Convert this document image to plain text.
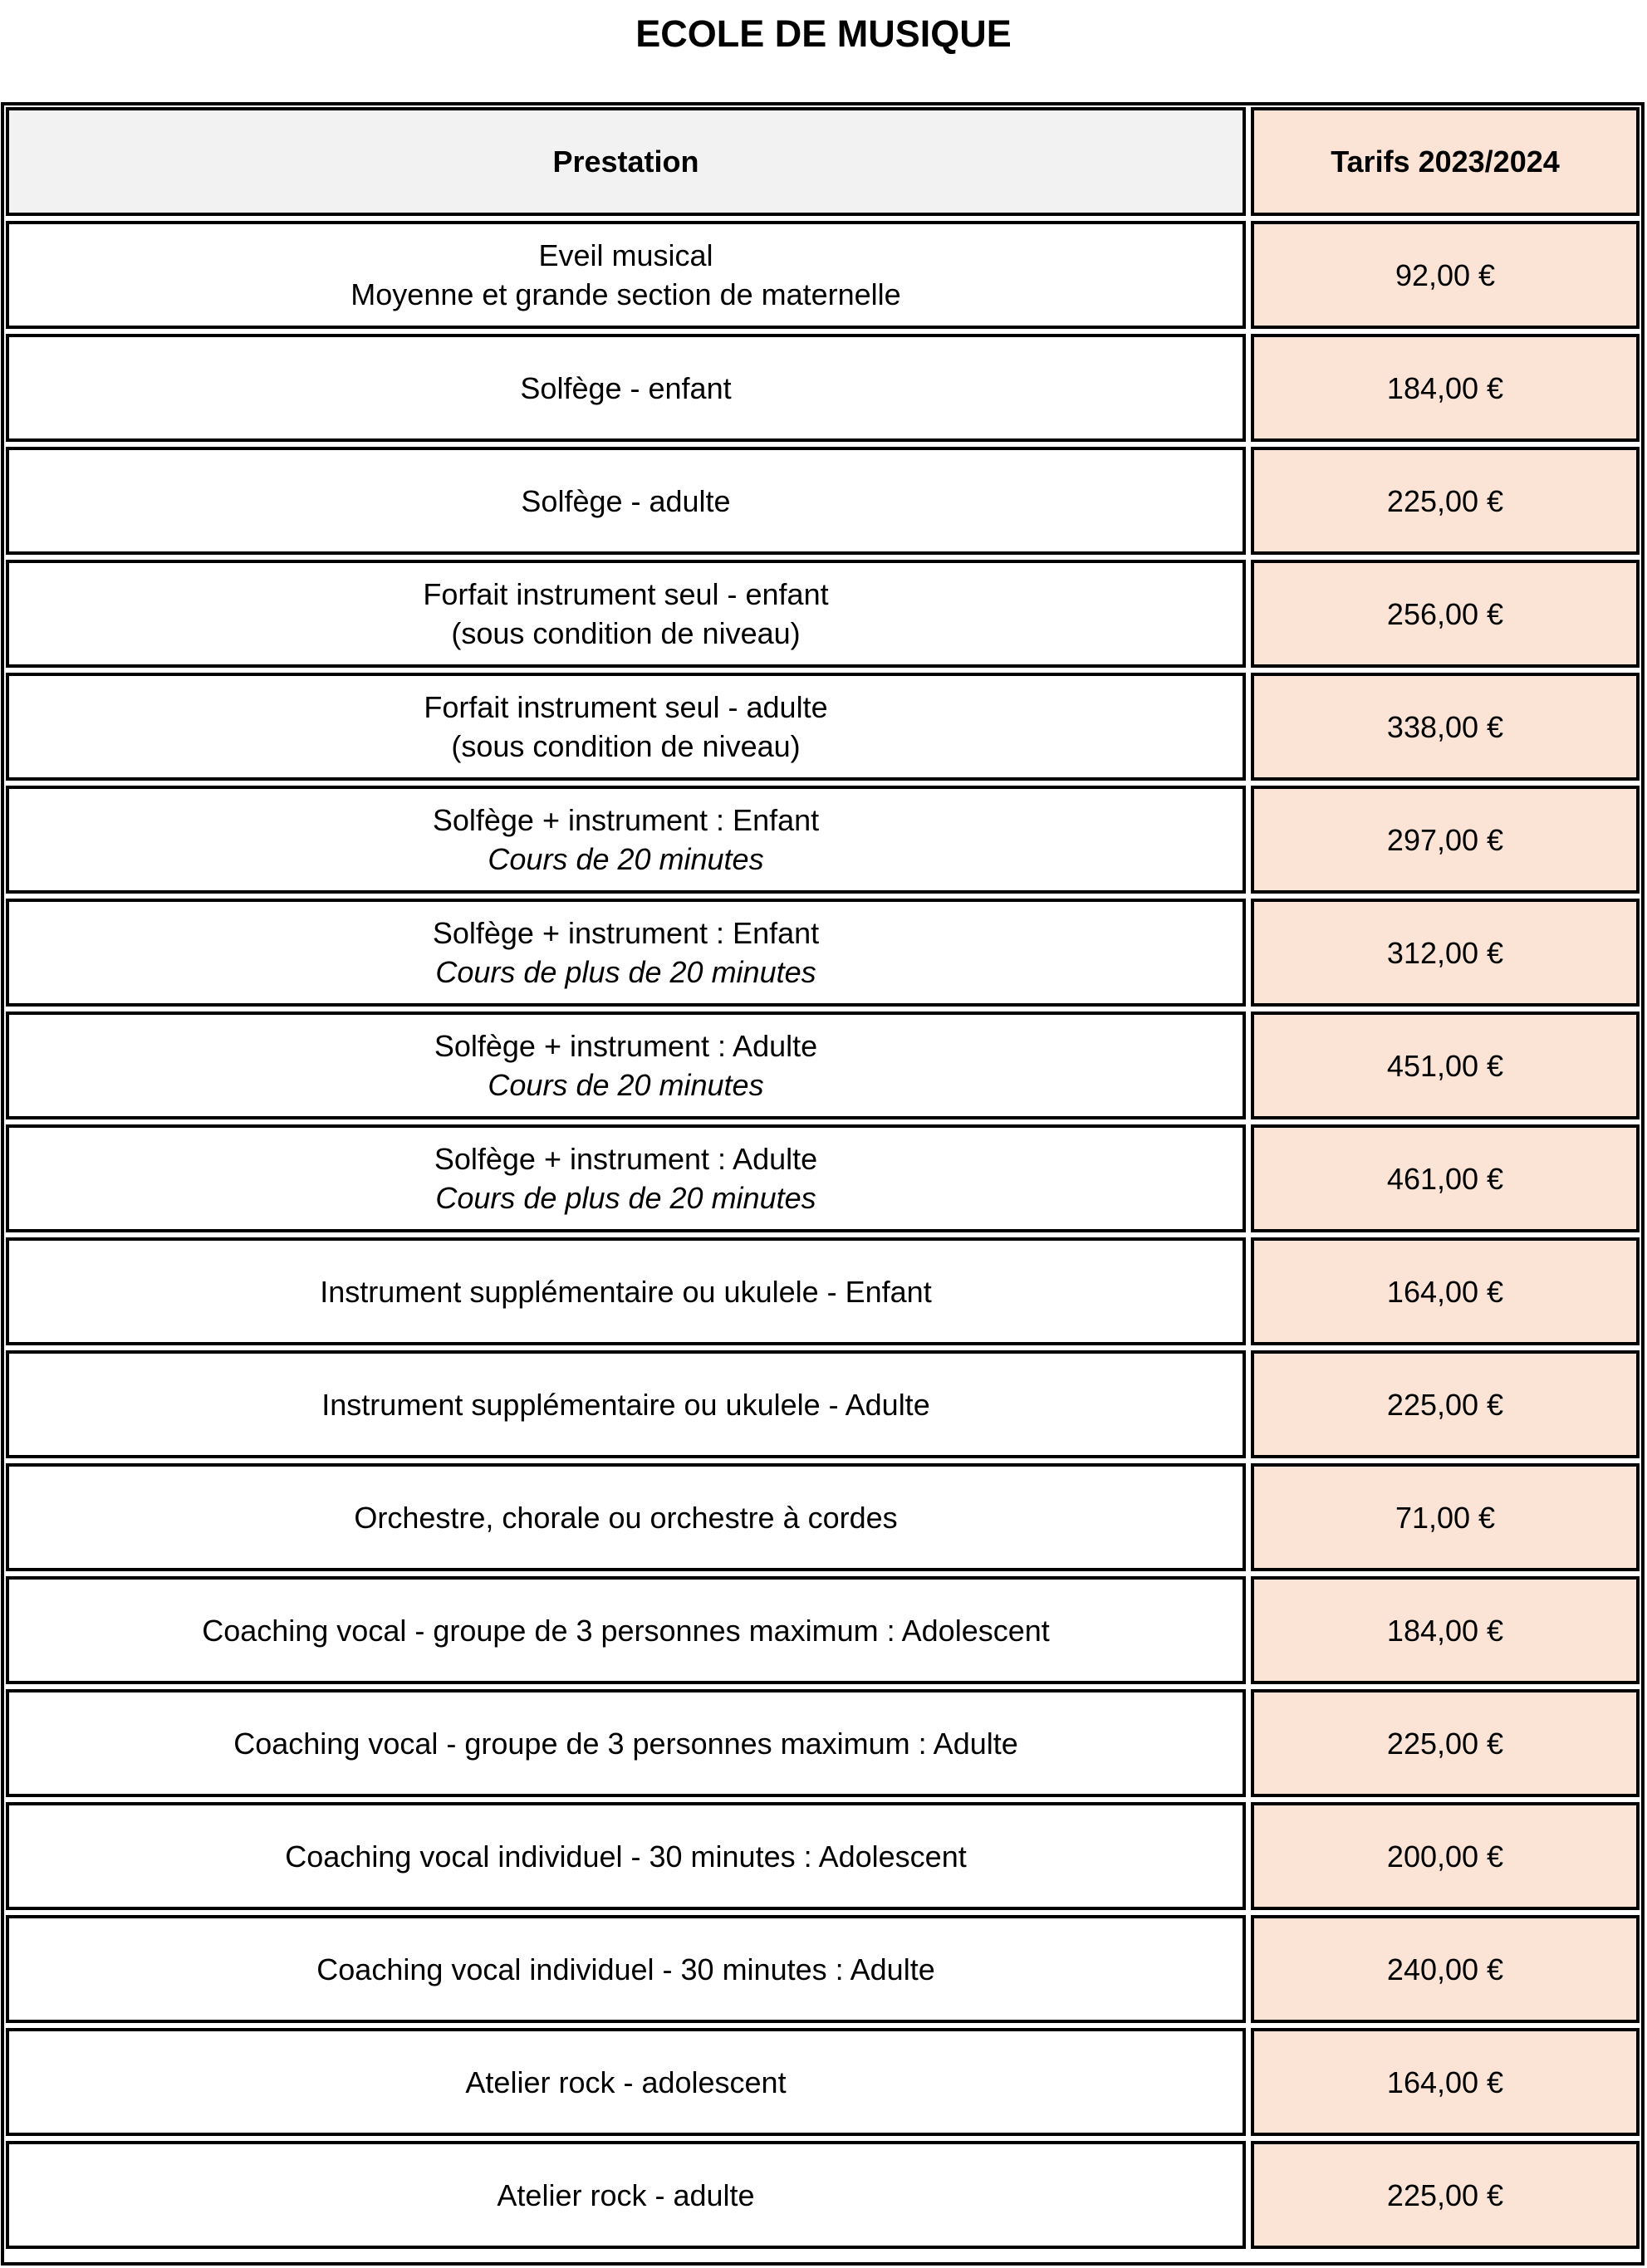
ECOLE DE MUSIQUE
Prestation	Tarifs 2023/2024

Eveil musical
Moyenne et grande section de maternelle	92,00 €

Solfège - enfant	184,00 €

Solfège - adulte	225,00 €

Forfait instrument seul - enfant
(sous condition de niveau)	256,00 €

Forfait instrument seul - adulte
(sous condition de niveau)	338,00 €

Solfège + instrument : Enfant
Cours de 20 minutes	297,00 €

Solfège + instrument : Enfant
Cours de plus de 20 minutes	312,00 €

Solfège + instrument : Adulte
Cours de 20 minutes	451,00 €

Solfège + instrument : Adulte
Cours de plus de 20 minutes	461,00 €

Instrument supplémentaire ou ukulele - Enfant	164,00 €

Instrument supplémentaire ou ukulele - Adulte	225,00 €

Orchestre, chorale ou orchestre à cordes	71,00 €

Coaching vocal - groupe de 3 personnes maximum : Adolescent	184,00 €

Coaching vocal - groupe de 3 personnes maximum : Adulte	225,00 €

Coaching vocal individuel - 30 minutes : Adolescent	200,00 €

Coaching vocal individuel - 30 minutes : Adulte	240,00 €

Atelier rock - adolescent	164,00 €

Atelier rock - adulte	225,00 €
